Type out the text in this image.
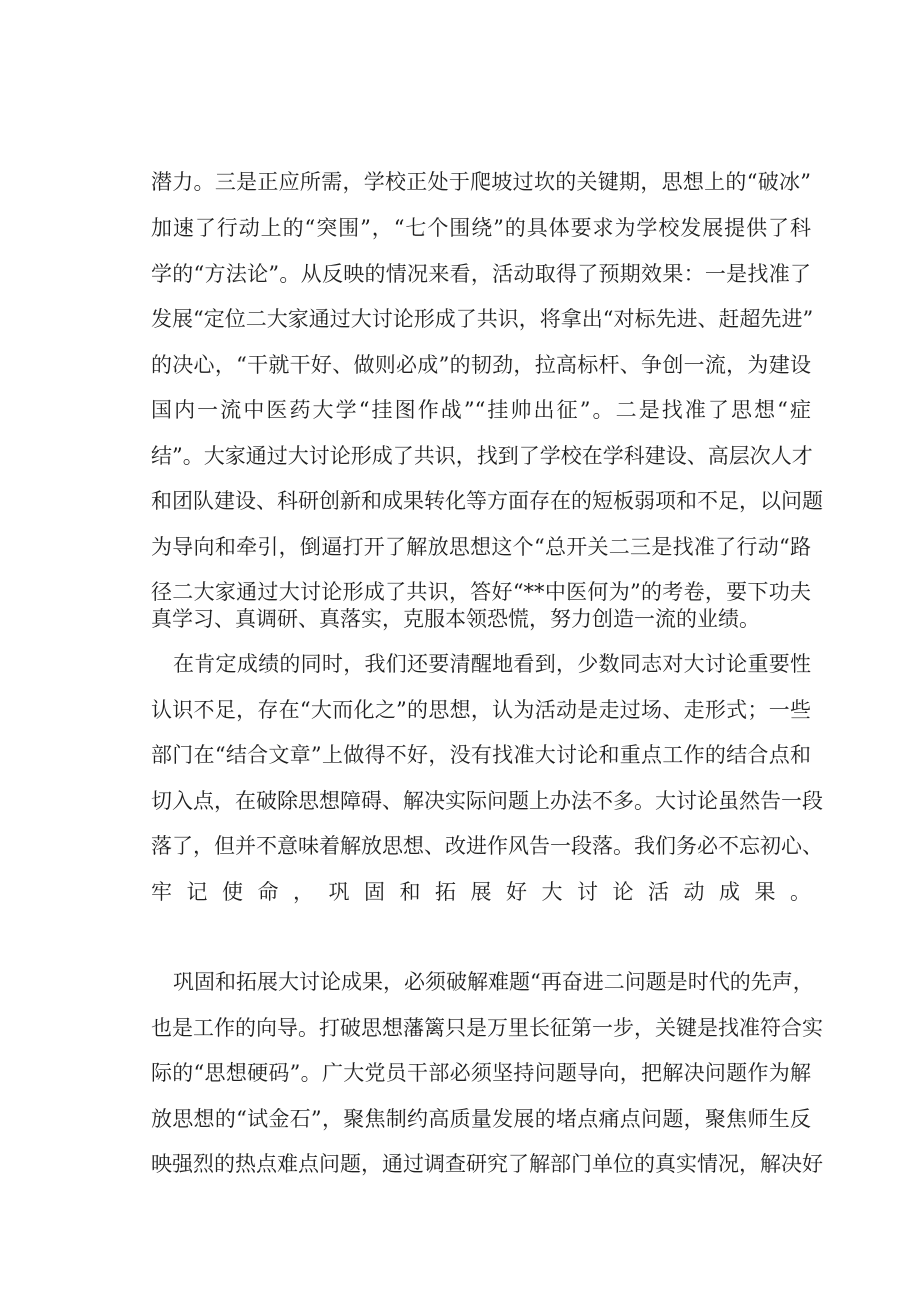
潜力。三是正应所需，学校正处于爬坡过坎的关键期，思想上的“破冰”
加速了行动上的“突围”，“七个围绕”的具体要求为学校发展提供了科
学的“方法论”。从反映的情况来看，活动取得了预期效果：一是找准了
发展“定位二大家通过大讨论形成了共识，将拿出“对标先进、赶超先进”
的决心，“干就干好、做则必成”的韧劲，拉高标杆、争创一流，为建设
国内一流中医药大学“挂图作战”“挂帅出征”。二是找准了思想“症
结”。大家通过大讨论形成了共识，找到了学校在学科建设、高层次人才
和团队建设、科研创新和成果转化等方面存在的短板弱项和不足，以问题
为导向和牵引，倒逼打开了解放思想这个“总开关二三是找准了行动“路
径二大家通过大讨论形成了共识，答好“**中医何为”的考卷，要下功夫
真学习、真调研、真落实，克服本领恐慌，努力创造一流的业绩。
在肯定成绩的同时，我们还要清醒地看到，少数同志对大讨论重要性
认识不足，存在“大而化之”的思想，认为活动是走过场、走形式；一些
部门在“结合文章”上做得不好，没有找准大讨论和重点工作的结合点和
切入点，在破除思想障碍、解决实际问题上办法不多。大讨论虽然告一段
落了，但并不意味着解放思想、改进作风告一段落。我们务必不忘初心、
牢记使命，巩固和拓展好大讨论活动成果。
巩固和拓展大讨论成果，必须破解难题“再奋进二问题是时代的先声，
也是工作的向导。打破思想藩篱只是万里长征第一步，关键是找准符合实
际的“思想硬码”。广大党员干部必须坚持问题导向，把解决问题作为解
放思想的“试金石”，聚焦制约高质量发展的堵点痛点问题，聚焦师生反
映强烈的热点难点问题，通过调查研究了解部门单位的真实情况，解决好
